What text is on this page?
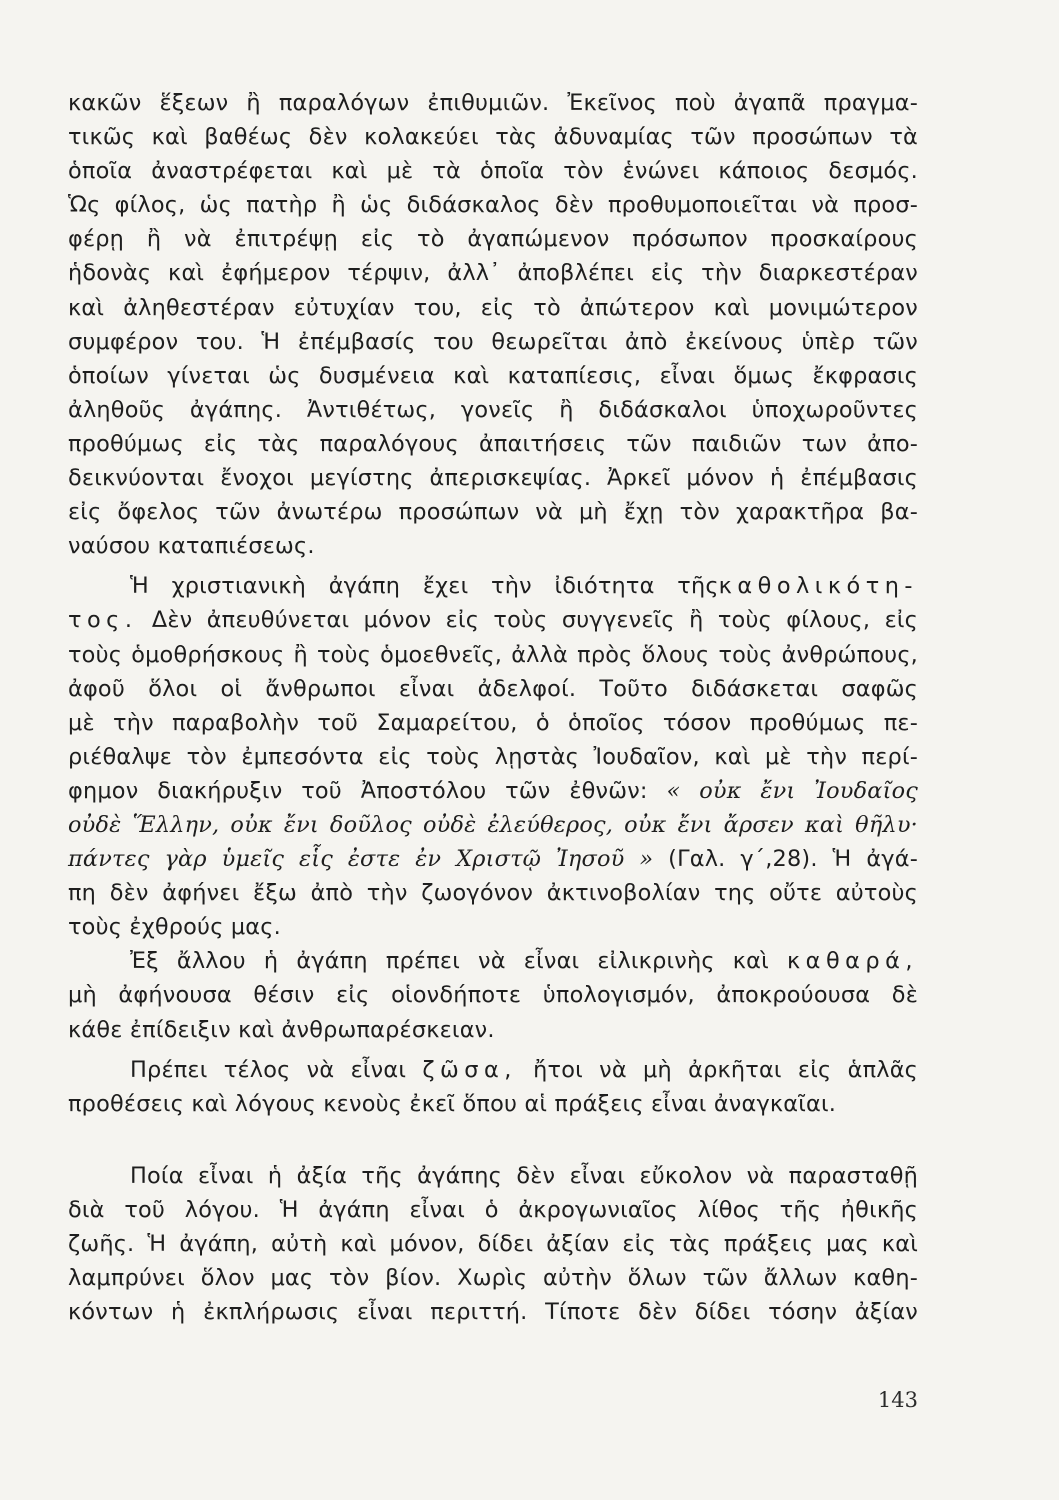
κακῶν ἕξεων ἢ παραλόγων ἐπιθυμιῶν. Ἐκεῖνος ποὺ ἀγαπᾶ πραγμα-
τικῶς καὶ βαθέως δὲν κολακεύει τὰς ἀδυναμίας τῶν προσώπων τὰ
ὁποῖα ἀναστρέφεται καὶ μὲ τὰ ὁποῖα τὸν ἑνώνει κάποιος δεσμός.
Ὡς φίλος, ὡς πατὴρ ἢ ὡς διδάσκαλος δὲν προθυμοποιεῖται νὰ προσ-
φέρῃ ἢ νὰ ἐπιτρέψῃ εἰς τὸ ἀγαπώμενον πρόσωπον προσκαίρους
ἡδονὰς καὶ ἐφήμερον τέρψιν, ἀλλ᾿ ἀποβλέπει εἰς τὴν διαρκεστέραν
καὶ ἀληθεστέραν εὐτυχίαν του, εἰς τὸ ἀπώτερον καὶ μονιμώτερον
συμφέρον του. Ἡ ἐπέμβασίς του θεωρεῖται ἀπὸ ἐκείνους ὑπὲρ τῶν
ὁποίων γίνεται ὡς δυσμένεια καὶ καταπίεσις, εἶναι ὅμως ἔκφρασις
ἀληθοῦς ἀγάπης. Ἀντιθέτως, γονεῖς ἢ διδάσκαλοι ὑποχωροῦντες
προθύμως εἰς τὰς παραλόγους ἀπαιτήσεις τῶν παιδιῶν των ἀπο-
δεικνύονται ἔνοχοι μεγίστης ἀπερισκεψίας. Ἀρκεῖ μόνον ἡ ἐπέμβασις
εἰς ὄφελος τῶν ἀνωτέρω προσώπων νὰ μὴ ἔχῃ τὸν χαρακτῆρα βα-
ναύσου καταπιέσεως.
Ἡ χριστιανικὴ ἀγάπη ἔχει τὴν ἰδιότητα τῆςκαθολικότη-
τος. Δὲν ἀπευθύνεται μόνον εἰς τοὺς συγγενεῖς ἢ τοὺς φίλους, εἰς
τοὺς ὁμοθρήσκους ἢ τοὺς ὁμοεθνεῖς, ἀλλὰ πρὸς ὅλους τοὺς ἀνθρώπους,
ἀφοῦ ὅλοι οἱ ἄνθρωποι εἶναι ἀδελφοί. Τοῦτο διδάσκεται σαφῶς
μὲ τὴν παραβολὴν τοῦ Σαμαρείτου, ὁ ὁποῖος τόσον προθύμως πε-
ριέθαλψε τὸν ἐμπεσόντα εἰς τοὺς λῃστὰς Ἰουδαῖον, καὶ μὲ τὴν περί-
φημον διακήρυξιν τοῦ Ἀποστόλου τῶν ἐθνῶν: « οὐκ ἔνι Ἰουδαῖος
οὐδὲ Ἕλλην, οὐκ ἔνι δοῦλος οὐδὲ ἐλεύθερος, οὐκ ἔνι ἄρσεν καὶ θῆλυ·
πάντες γὰρ ὑμεῖς εἷς ἐστε ἐν Χριστῷ Ἰησοῦ » (Γαλ. γ΄,28). Ἡ ἀγά-
πη δὲν ἀφήνει ἔξω ἀπὸ τὴν ζωογόνον ἀκτινοβολίαν της οὔτε αὐτοὺς
τοὺς ἐχθρούς μας.
Ἐξ ἄλλου ἡ ἀγάπη πρέπει νὰ εἶναι εἰλικρινὴς καὶ καθαρά,
μὴ ἀφήνουσα θέσιν εἰς οἱονδήποτε ὑπολογισμόν, ἀποκρούουσα δὲ
κάθε ἐπίδειξιν καὶ ἀνθρωπαρέσκειαν.
Πρέπει τέλος νὰ εἶναι ζῶσα, ἤτοι νὰ μὴ ἀρκῆται εἰς ἁπλᾶς
προθέσεις καὶ λόγους κενοὺς ἐκεῖ ὅπου αἱ πράξεις εἶναι ἀναγκαῖαι.
Ποία εἶναι ἡ ἀξία τῆς ἀγάπης δὲν εἶναι εὔκολον νὰ παρασταθῇ
διὰ τοῦ λόγου. Ἡ ἀγάπη εἶναι ὁ ἀκρογωνιαῖος λίθος τῆς ἠθικῆς
ζωῆς. Ἡ ἀγάπη, αὐτὴ καὶ μόνον, δίδει ἀξίαν εἰς τὰς πράξεις μας καὶ
λαμπρύνει ὅλον μας τὸν βίον. Χωρὶς αὐτὴν ὅλων τῶν ἄλλων καθη-
κόντων ἡ ἐκπλήρωσις εἶναι περιττή. Τίποτε δὲν δίδει τόσην ἀξίαν
143
